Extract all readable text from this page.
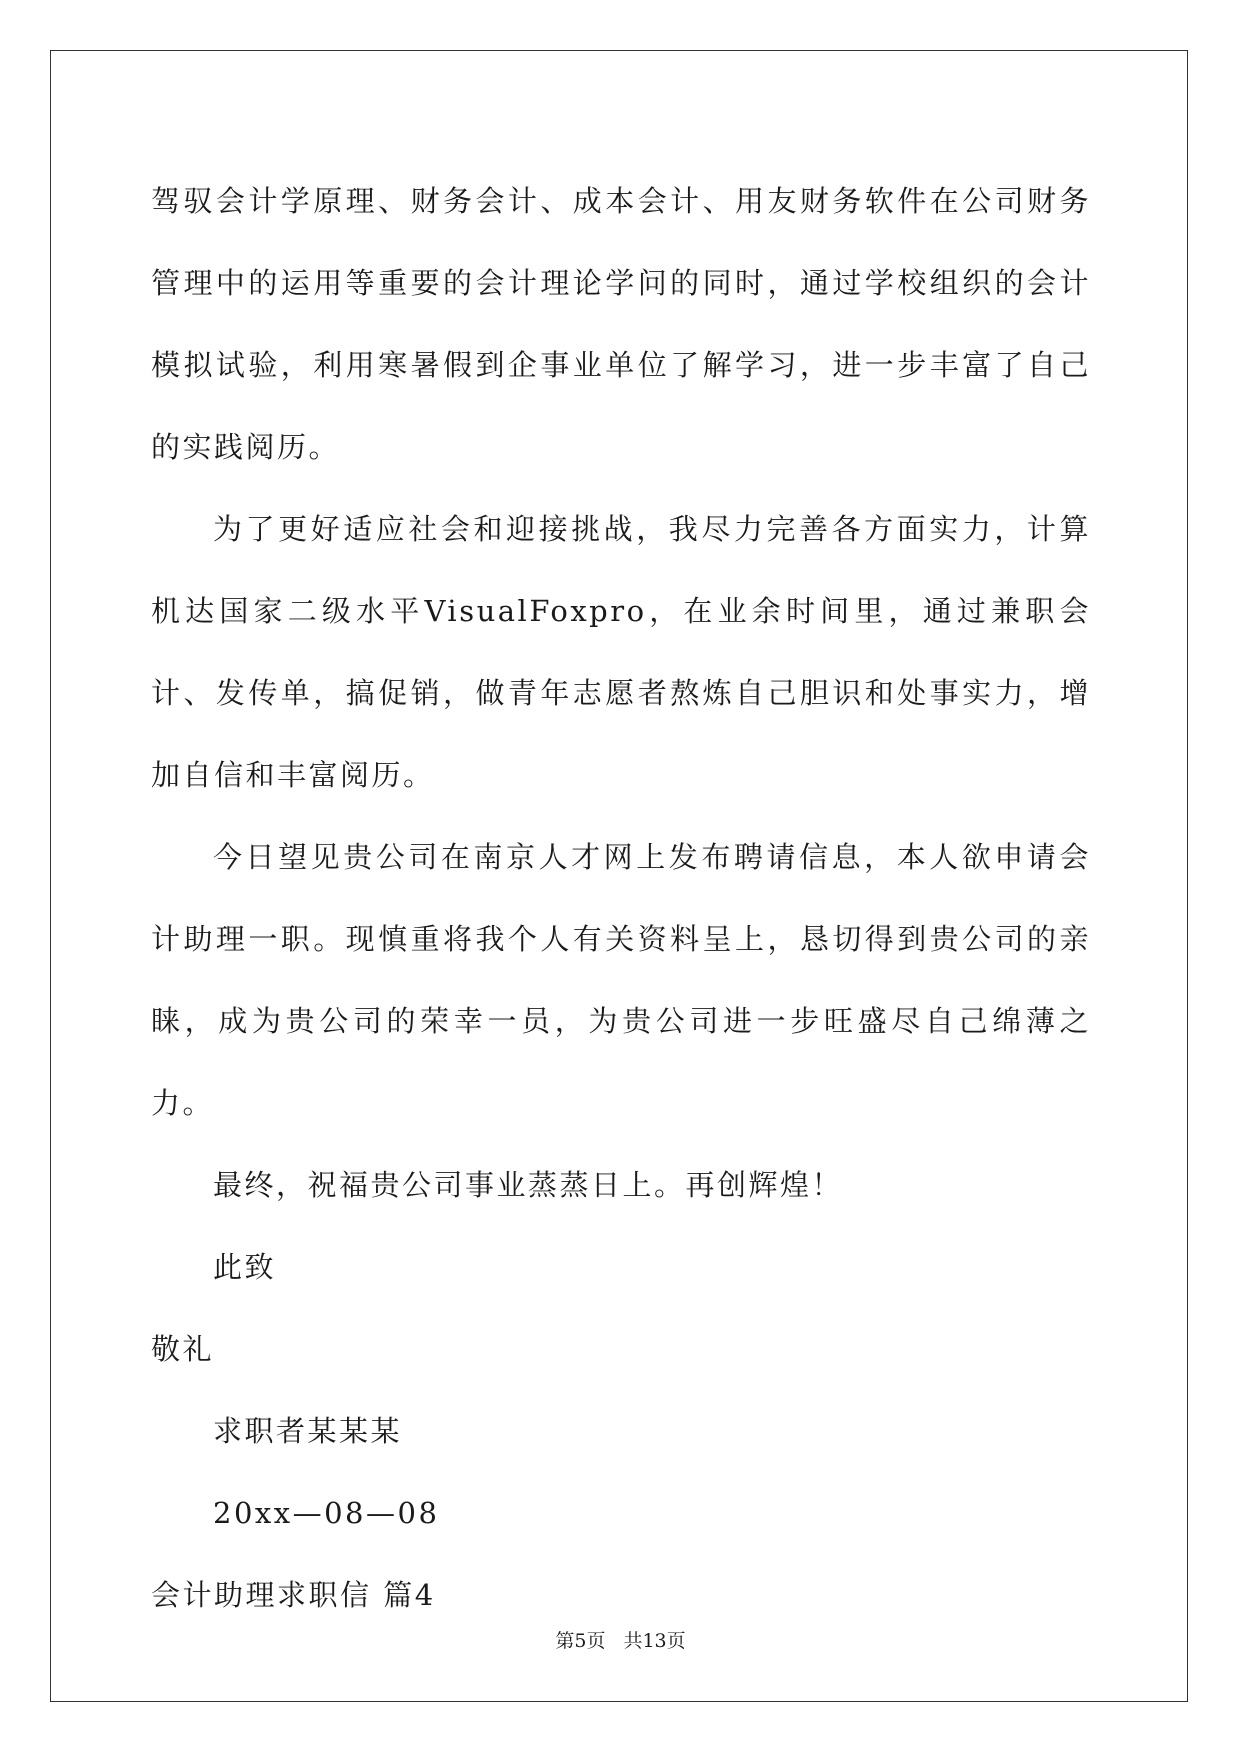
驾驭会计学原理、财务会计、成本会计、用友财务软件在公司财务管理中的运用等重要的会计理论学问的同时，通过学校组织的会计模拟试验，利用寒暑假到企事业单位了解学习，进一步丰富了自己的实践阅历。

为了更好适应社会和迎接挑战，我尽力完善各方面实力，计算机达国家二级水平VisualFoxpro，在业余时间里，通过兼职会计、发传单，搞促销，做青年志愿者熬炼自己胆识和处事实力，增加自信和丰富阅历。

今日望见贵公司在南京人才网上发布聘请信息，本人欲申请会计助理一职。现慎重将我个人有关资料呈上，恳切得到贵公司的亲睐，成为贵公司的荣幸一员，为贵公司进一步旺盛尽自己绵薄之力。

最终，祝福贵公司事业蒸蒸日上。再创辉煌！

此致

敬礼

求职者某某某

20xx—08—08

会计助理求职信 篇4

第5页 共13页
